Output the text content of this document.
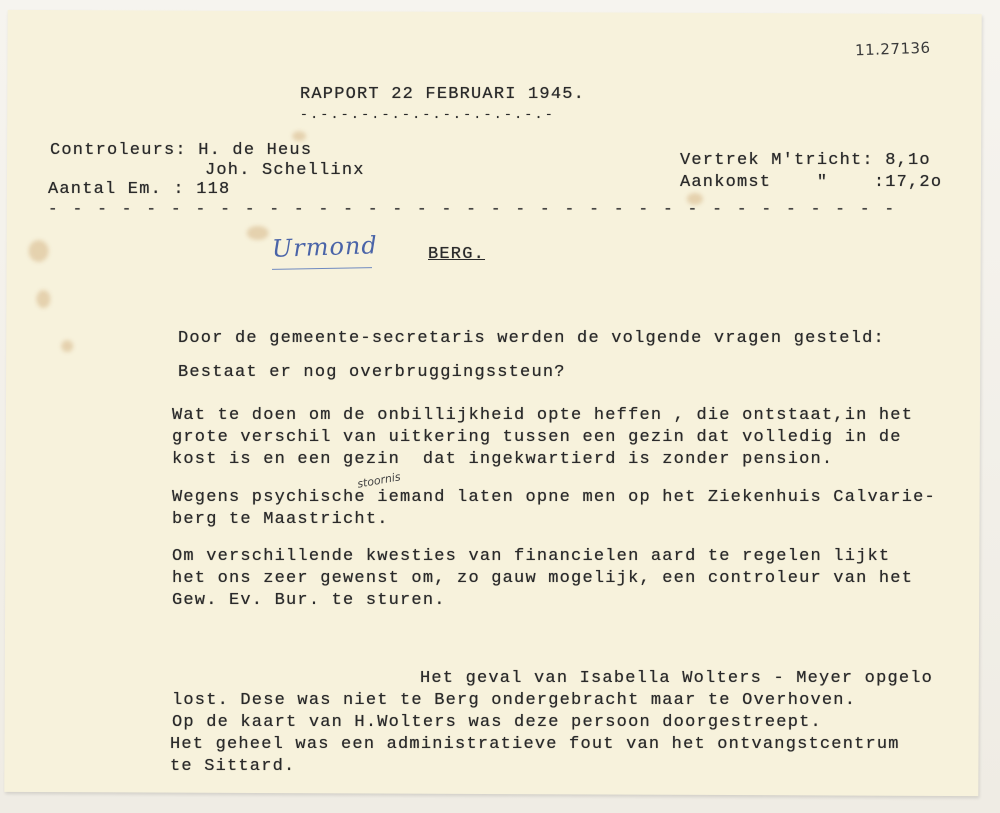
11.27136
RAPPORT 22 FEBRUARI 1945.
-.-.-.-.-.-.-.-.-.-.-.-.-
Controleurs: H. de Heus
Joh. Schellinx
Aantal Em. : 118
Vertrek M'tricht: 8,1o
Aankomst    "    :17,2o
- - - - - - - - - - - - - - - - - - - - - - - - - - - - - - - - - - -
Urmond	BERG.
Door de gemeente-secretaris werden de volgende vragen gesteld:
Bestaat er nog overbruggingssteun?
Wat te doen om de onbillijkheid opte heffen , die ontstaat,in het
grote verschil van uitkering tussen een gezin dat volledig in de
kost is en een gezin  dat ingekwartierd is zonder pension.
stoornis
Wegens psychische iemand laten opne men op het Ziekenhuis Calvarie-
berg te Maastricht.
Om verschillende kwesties van financielen aard te regelen lijkt
het ons zeer gewenst om, zo gauw mogelijk, een controleur van het
Gew. Ev. Bur. te sturen.
Het geval van Isabella Wolters - Meyer opgelo
lost. Dese was niet te Berg ondergebracht maar te Overhoven.
Op de kaart van H.Wolters was deze persoon doorgestreept.
Het geheel was een administratieve fout van het ontvangstcentrum
te Sittard.
